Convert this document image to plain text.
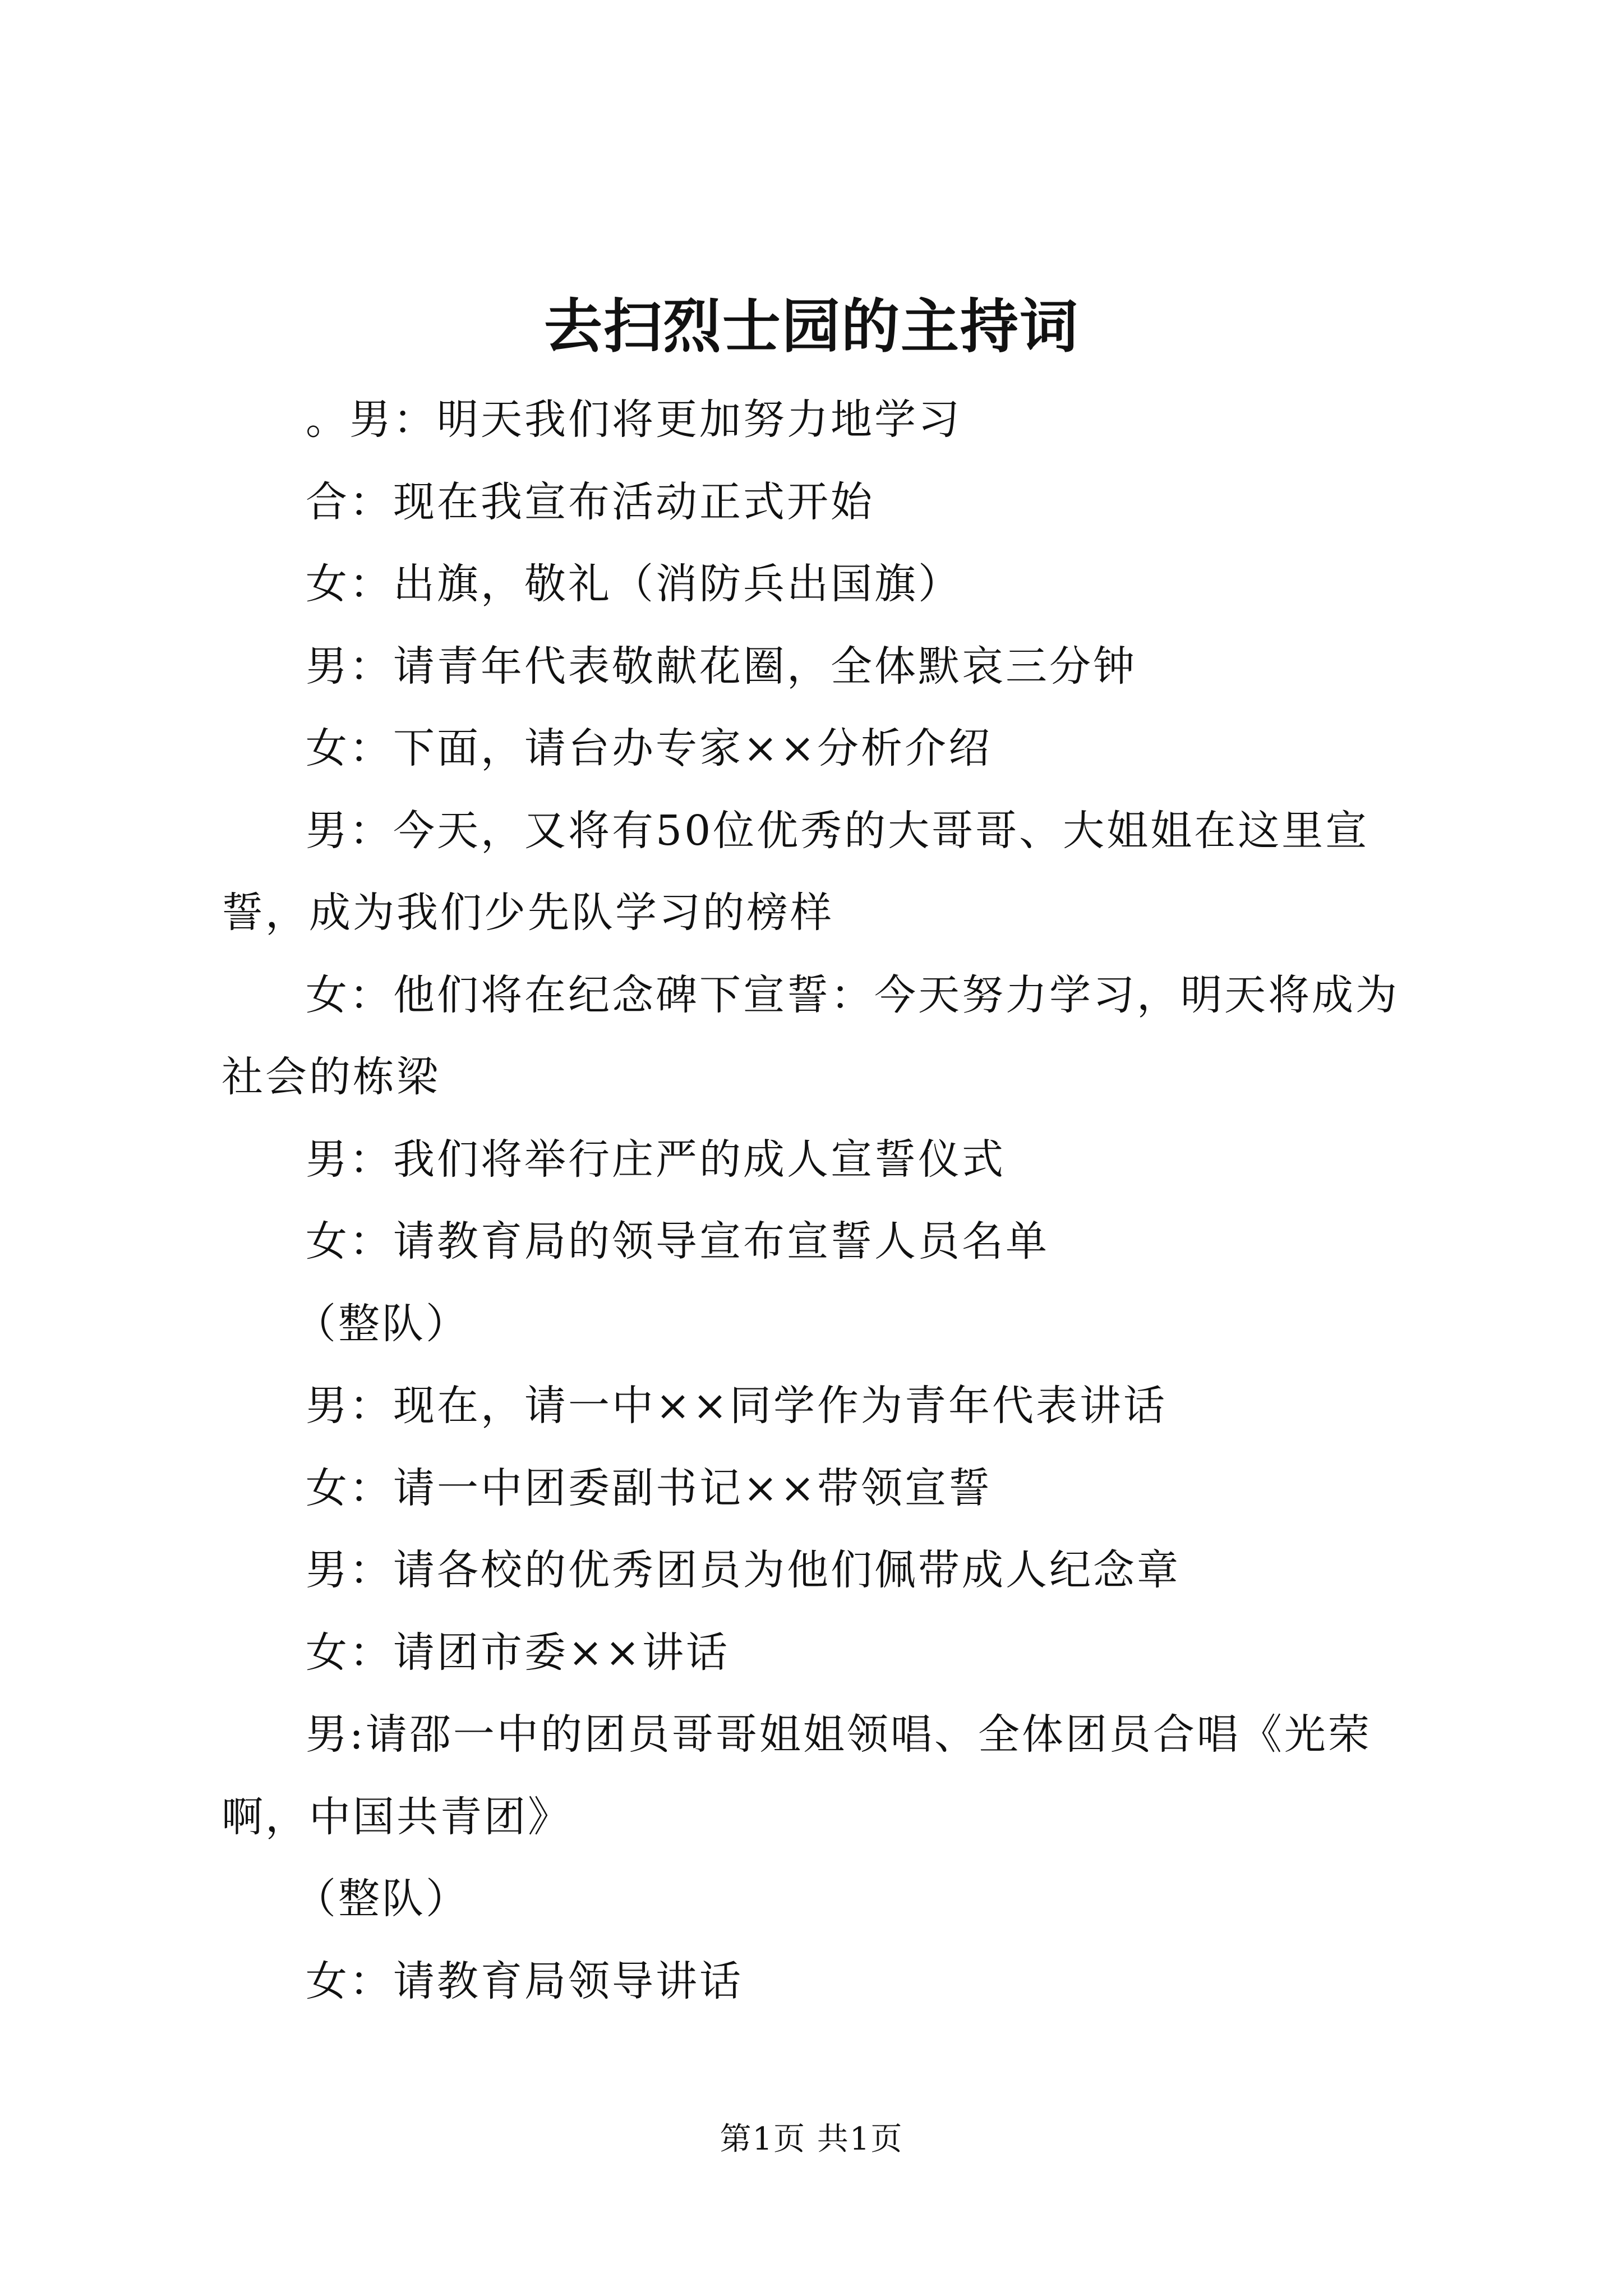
去扫烈士园的主持词

。男：明天我们将更加努力地学习

合：现在我宣布活动正式开始

女：出旗，敬礼（消防兵出国旗）

男：请青年代表敬献花圈，全体默哀三分钟

女：下面，请台办专家××分析介绍

男：今天，又将有50位优秀的大哥哥、大姐姐在这里宣誓，成为我们少先队学习的榜样

女：他们将在纪念碑下宣誓：今天努力学习，明天将成为社会的栋梁

男：我们将举行庄严的成人宣誓仪式

女：请教育局的领导宣布宣誓人员名单

（整队）

男：现在，请一中××同学作为青年代表讲话

女：请一中团委副书记××带领宣誓

男：请各校的优秀团员为他们佩带成人纪念章

女：请团市委××讲话

男:请邵一中的团员哥哥姐姐领唱、全体团员合唱《光荣啊，中国共青团》

（整队）

女：请教育局领导讲话

第1页 共1页
